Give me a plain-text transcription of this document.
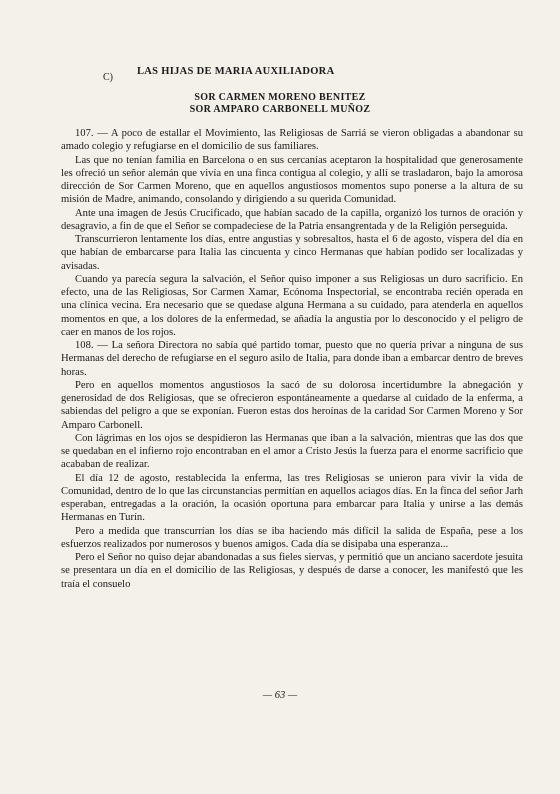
C)
LAS HIJAS DE MARIA AUXILIADORA
SOR CARMEN MORENO BENITEZ
SOR AMPARO CARBONELL MUÑOZ

107. — A poco de estallar el Movimiento, las Religiosas de Sarriá se vieron obligadas a abandonar su amado colegio y refugiarse en el domicilio de sus familiares.

Las que no tenían familia en Barcelona o en sus cercanías aceptaron la hospitalidad que generosamente les ofreció un señor alemán que vivía en una finca contigua al colegio, y allí se trasladaron, bajo la amorosa dirección de Sor Carmen Moreno, que en aquellos angustiosos momentos supo ponerse a la altura de su misión de Madre, animando, consolando y dirigiendo a su querida Comunidad.

Ante una imagen de Jesús Crucificado, que habían sacado de la capilla, organizó los turnos de oración y desagravio, a fin de que el Señor se compadeciese de la Patria ensangrentada y de la Religión perseguida.

Transcurrieron lentamente los días, entre angustias y sobresaltos, hasta el 6 de agosto, víspera del día en que habían de embarcarse para Italia las cincuenta y cinco Hermanas que habían podido ser localizadas y avisadas.

Cuando ya parecía segura la salvación, el Señor quiso imponer a sus Religiosas un duro sacrificio. En efecto, una de las Religiosas, Sor Carmen Xamar, Ecónoma Inspectorial, se encontraba recién operada en una clínica vecina. Era necesario que se quedase alguna Hermana a su cuidado, para atenderla en aquellos momentos en que, a los dolores de la enfermedad, se añadía la angustia por lo desconocido y el peligro de caer en manos de los rojos.

108. — La señora Directora no sabía qué partido tomar, puesto que no quería privar a ninguna de sus Hermanas del derecho de refugiarse en el seguro asilo de Italia, para donde iban a embarcar dentro de breves horas.

Pero en aquellos momentos angustiosos la sacó de su dolorosa incertidumbre la abnegación y generosidad de dos Religiosas, que se ofrecieron espontáneamente a quedarse al cuidado de la enferma, a sabiendas del peligro a que se exponían. Fueron estas dos heroínas de la caridad Sor Carmen Moreno y Sor Amparo Carbonell.

Con lágrimas en los ojos se despidieron las Hermanas que iban a la salvación, mientras que las dos que se quedaban en el infierno rojo encontraban en el amor a Cristo Jesús la fuerza para el enorme sacrificio que acababan de realizar.

El día 12 de agosto, restablecida la enferma, las tres Religiosas se unieron para vivir la vida de Comunidad, dentro de lo que las circunstancias permitían en aquellos aciagos días. En la finca del señor Jarh esperaban, entregadas a la oración, la ocasión oportuna para embarcar para Italia y unirse a las demás Hermanas en Turín.

Pero a medida que transcurrían los días se iba haciendo más difícil la salida de España, pese a los esfuerzos realizados por numerosos y buenos amigos. Cada día se disipaba una esperanza...

Pero el Señor no quiso dejar abandonadas a sus fieles siervas, y permitió que un anciano sacerdote jesuita se presentara un día en el domicilio de las Religiosas, y después de darse a conocer, les manifestó que les traía el consuelo

— 63 —
